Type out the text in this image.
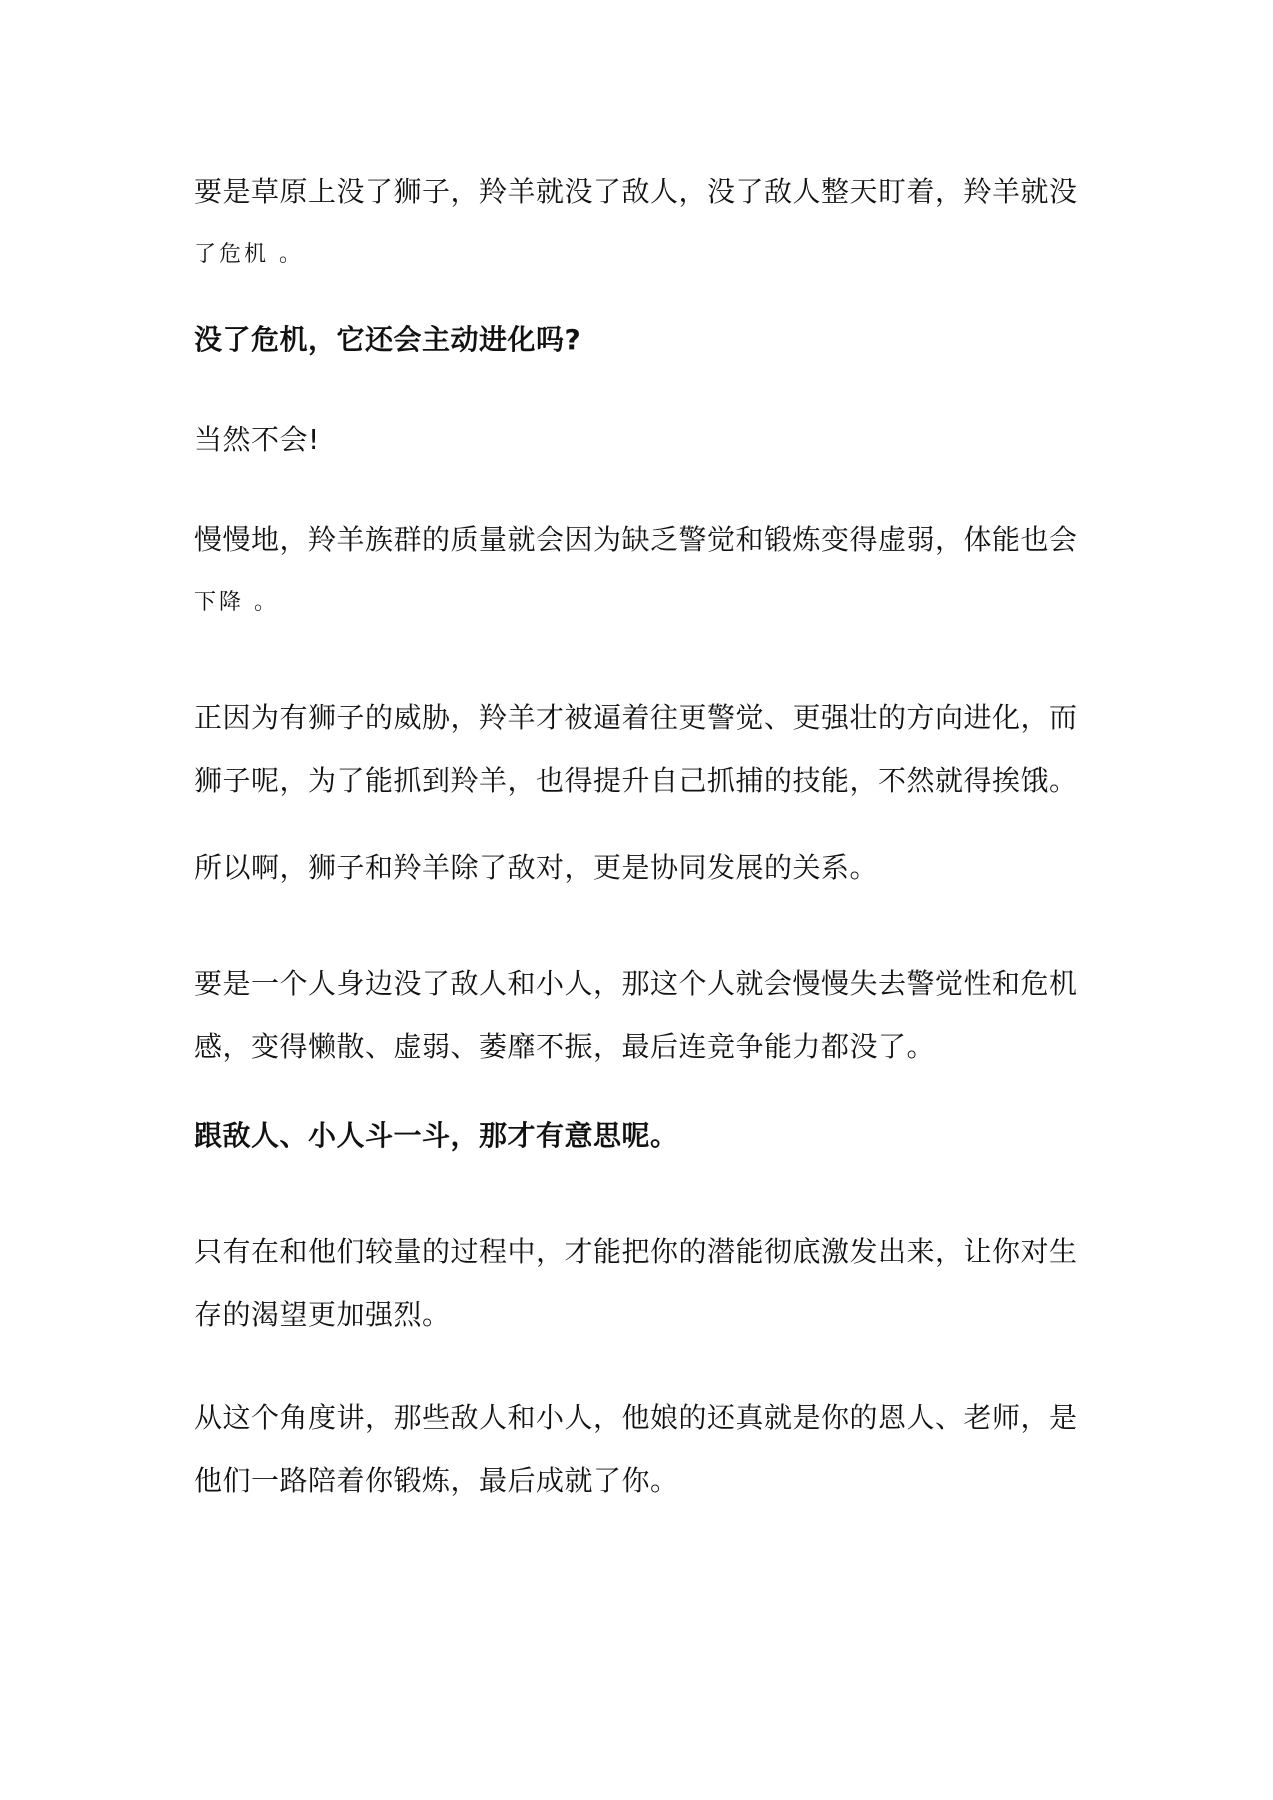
要是草原上没了狮子，羚羊就没了敌人，没了敌人整天盯着，羚羊就没
了危机 。

没了危机，它还会主动进化吗?

当然不会!

慢慢地，羚羊族群的质量就会因为缺乏警觉和锻炼变得虚弱，体能也会
下降 。

正因为有狮子的威胁，羚羊才被逼着往更警觉、更强壮的方向进化，而
狮子呢，为了能抓到羚羊，也得提升自己抓捕的技能，不然就得挨饿。

所以啊，狮子和羚羊除了敌对，更是协同发展的关系。

要是一个人身边没了敌人和小人，那这个人就会慢慢失去警觉性和危机
感，变得懒散、虚弱、萎靡不振，最后连竞争能力都没了。

跟敌人、小人斗一斗，那才有意思呢。

只有在和他们较量的过程中，才能把你的潜能彻底激发出来，让你对生
存的渴望更加强烈。

从这个角度讲，那些敌人和小人，他娘的还真就是你的恩人、老师，是
他们一路陪着你锻炼，最后成就了你。
